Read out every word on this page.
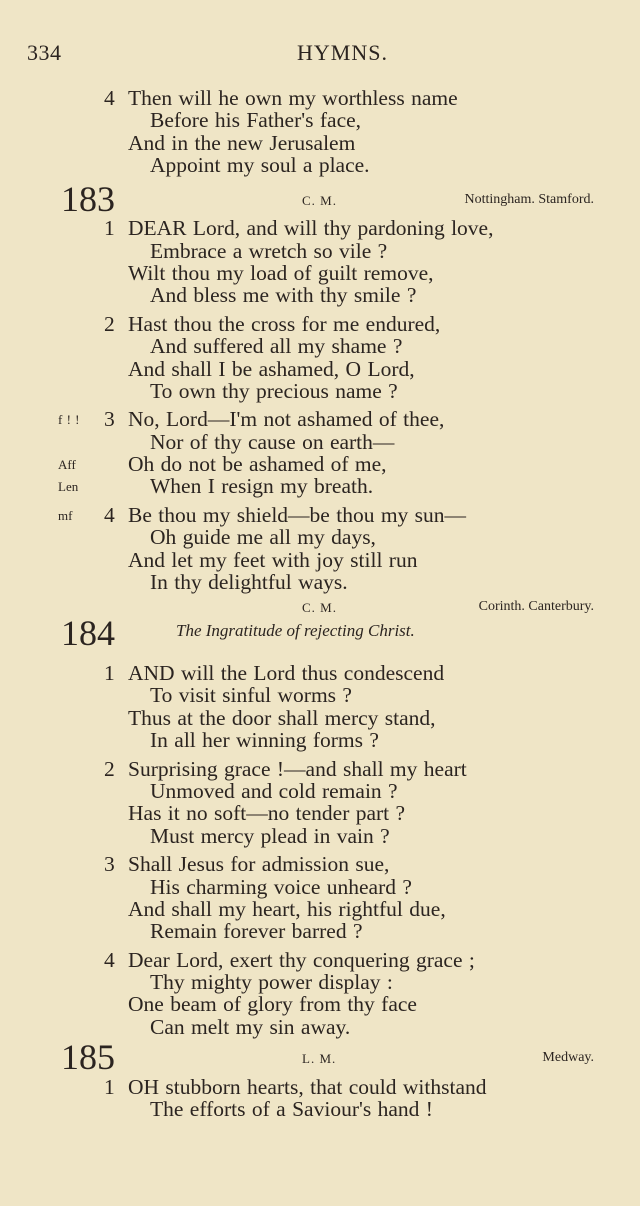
334	HYMNS.
4 Then will he own my worthless name
Before his Father's face,
And in the new Jerusalem
Appoint my soul a place.
183	C. M.	Nottingham. Stamford.
1 DEAR Lord, and will thy pardoning love,
Embrace a wretch so vile ?
Wilt thou my load of guilt remove,
And bless me with thy smile ?
2 Hast thou the cross for me endured,
And suffered all my shame ?
And shall I be ashamed, O Lord,
To own thy precious name ?
3
f ! ! No, Lord—I'm not ashamed of thee,
Nor of thy cause on earth—
Aff Oh do not be ashamed of me,
Len	When I resign my breath.
4
mf	Be thou my shield—be thou my sun—
Oh guide me all my days,
And let my feet with joy still run
In thy delightful ways.
184
C. M.	Corinth. Canterbury.
The Ingratitude of rejecting Christ.
1 AND will the Lord thus condescend
To visit sinful worms ?
Thus at the door shall mercy stand,
In all her winning forms ?
2 Surprising grace !—and shall my heart
Unmoved and cold remain ?
Has it no soft—no tender part ?
Must mercy plead in vain ?
3 Shall Jesus for admission sue,
His charming voice unheard ?
And shall my heart, his rightful due,
Remain forever barred ?
4 Dear Lord, exert thy conquering grace ;
Thy mighty power display :
One beam of glory from thy face
Can melt my sin away.
185	L. M.	Medway.
1 OH stubborn hearts, that could withstand
The efforts of a Saviour's hand !
